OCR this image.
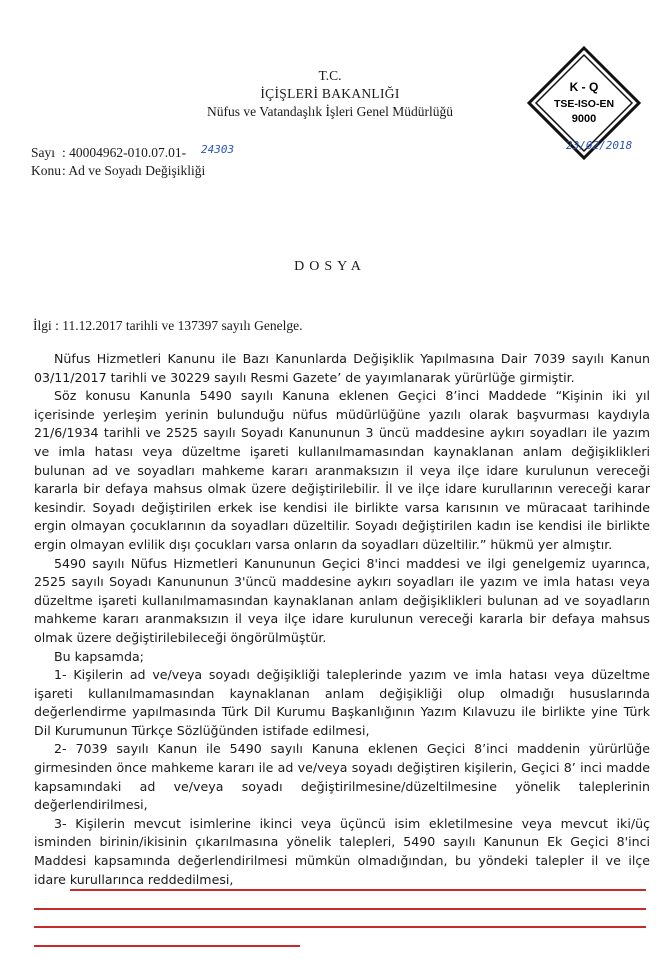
T.C.
İÇİŞLERİ BAKANLIĞI
Nüfus ve Vatandaşlık İşleri Genel Müdürlüğü
K - Q
TSE-ISO-EN
9000
Sayı : 40004962-010.07.01- 24303	23/02/2018
Konu : Ad ve Soyadı Değişikliği
DOSYA
İlgi : 11.12.2017 tarihli ve 137397 sayılı Genelge.

Nüfus Hizmetleri Kanunu ile Bazı Kanunlarda Değişiklik Yapılmasına Dair 7039 sayılı Kanun 03/11/2017 tarihli ve 30229 sayılı Resmi Gazete’ de yayımlanarak yürürlüğe girmiştir.

Söz konusu Kanunla 5490 sayılı Kanuna eklenen Geçici 8’inci Maddede “Kişinin iki yıl içerisinde yerleşim yerinin bulunduğu nüfus müdürlüğüne yazılı olarak başvurması kaydıyla 21/6/1934 tarihli ve 2525 sayılı Soyadı Kanununun 3 üncü maddesine aykırı soyadları ile yazım ve imla hatası veya düzeltme işareti kullanılmamasından kaynaklanan anlam değişiklikleri bulunan ad ve soyadları mahkeme kararı aranmaksızın il veya ilçe idare kurulunun vereceği kararla bir defaya mahsus olmak üzere değiştirilebilir. İl ve ilçe idare kurullarının vereceği karar kesindir. Soyadı değiştirilen erkek ise kendisi ile birlikte varsa karısının ve müracaat tarihinde ergin olmayan çocuklarının da soyadları düzeltilir. Soyadı değiştirilen kadın ise kendisi ile birlikte ergin olmayan evlilik dışı çocukları varsa onların da soyadları düzeltilir.” hükmü yer almıştır.

5490 sayılı Nüfus Hizmetleri Kanununun Geçici 8'inci maddesi ve ilgi genelgemiz uyarınca, 2525 sayılı Soyadı Kanununun 3'üncü maddesine aykırı soyadları ile yazım ve imla hatası veya düzeltme işareti kullanılmamasından kaynaklanan anlam değişiklikleri bulunan ad ve soyadların mahkeme kararı aranmaksızın il veya ilçe idare kurulunun vereceği kararla bir defaya mahsus olmak üzere değiştirilebileceği öngörülmüştür.

Bu kapsamda;

1- Kişilerin ad ve/veya soyadı değişikliği taleplerinde yazım ve imla hatası veya düzeltme işareti kullanılmamasından kaynaklanan anlam değişikliği olup olmadığı hususlarında değerlendirme yapılmasında Türk Dil Kurumu Başkanlığının Yazım Kılavuzu ile birlikte yine Türk Dil Kurumunun Türkçe Sözlüğünden istifade edilmesi,

2- 7039 sayılı Kanun ile 5490 sayılı Kanuna eklenen Geçici 8’inci maddenin yürürlüğe girmesinden önce mahkeme kararı ile ad ve/veya soyadı değiştiren kişilerin, Geçici 8’ inci madde kapsamındaki ad ve/veya soyadı değiştirilmesine/düzeltilmesine yönelik taleplerinin değerlendirilmesi,

3- Kişilerin mevcut isimlerine ikinci veya üçüncü isim ekletilmesine veya mevcut iki/üç isminden birinin/ikisinin çıkarılmasına yönelik talepleri, 5490 sayılı Kanunun Ek Geçici 8'inci Maddesi kapsamında değerlendirilmesi mümkün olmadığından, bu yöndeki talepler il ve ilçe idare kurullarınca reddedilmesi,
